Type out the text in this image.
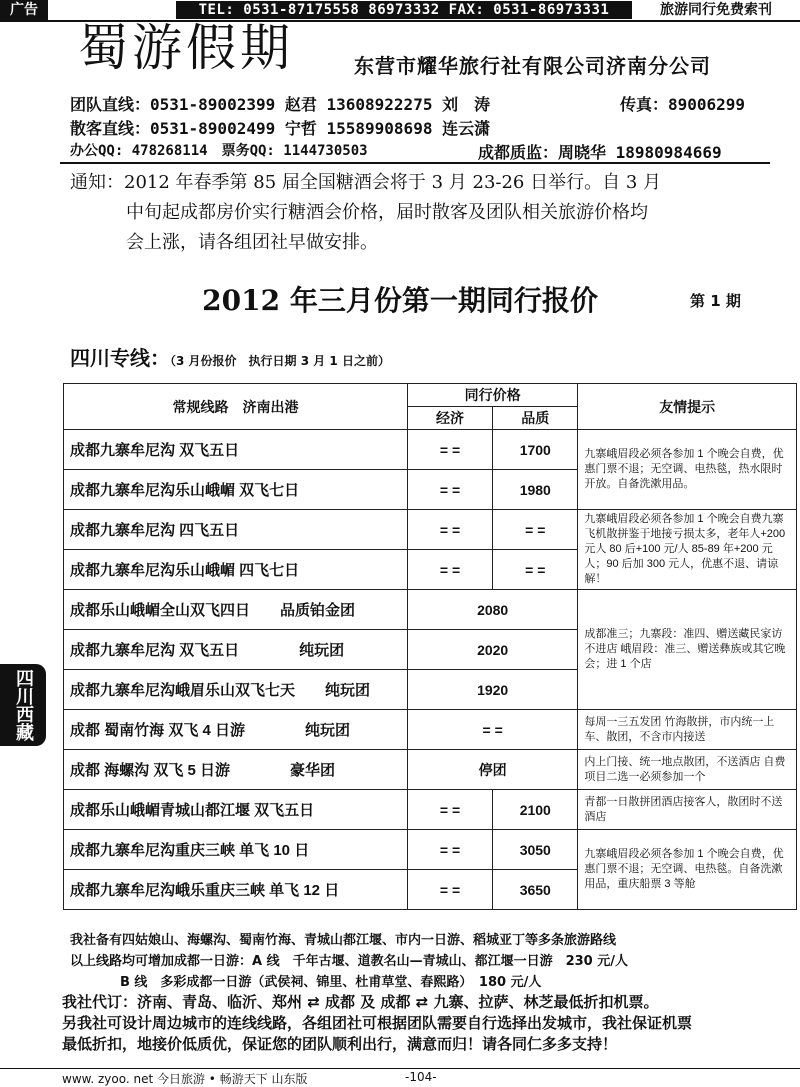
广告	TEL: 0531-87175558 86973332 FAX: 0531-86973331	旅游同行免费索刊
蜀游假期	东营市耀华旅行社有限公司济南分公司
团队直线：0531-89002399 赵君 13608922275 刘　涛	传真：89006299
散客直线：0531-89002499 宁哲 15589908698 连云潇
办公QQ: 478268114　票务QQ: 1144730503	成都质监：周晓华 18980984669
通知：2012 年春季第 85 届全国糖酒会将于 3 月 23-26 日举行。自 3 月
中旬起成都房价实行糖酒会价格，届时散客及团队相关旅游价格均
会上涨，请各组团社早做安排。
2012 年三月份第一期同行报价	第 1 期
四川专线：（3 月份报价　执行日期 3 月 1 日之前）
四川西藏
常规线路　济南出港	同行价格		友情提示
	经济	品质	
成都九寨牟尼沟 双飞五日	= =	1700	九寨峨眉段必须各参加 1 个晚会自费，优惠门票不退；无空调、电热毯，热水限时开放。自备洗漱用品。
成都九寨牟尼沟乐山峨嵋 双飞七日	= =	1980	
成都九寨牟尼沟 四飞五日	= =	= =	九寨峨眉段必须各参加 1 个晚会自费九寨飞机散拼鉴于地接亏损太多，老年人+200 元人 80 后+100 元/人 85-89 年+200 元人；90 后加 300 元人，优惠不退、请谅解！
成都九寨牟尼沟乐山峨嵋 四飞七日	= =	= =	
成都乐山峨嵋全山双飞四日　　品质铂金团	2080		成都准三；九寨段：准四、赠送藏民家访　不进店 峨眉段：准三、赠送彝族或其它晚会；进 1 个店
成都九寨牟尼沟 双飞五日　　　　纯玩团	2020		
成都九寨牟尼沟峨眉乐山双飞七天　　纯玩团	1920		
成都 蜀南竹海 双飞 4 日游　　　　纯玩团	= =		每周一三五发团 竹海散拼，市内统一上车、散团，不含市内接送
成都 海螺沟 双飞 5 日游　　　　豪华团	停团		内上门接、统一地点散团，不送酒店 自费项目二选一必须参加一个
成都乐山峨嵋青城山都江堰 双飞五日	= =	2100	青都一日散拼团酒店接客人，散团时不送酒店
成都九寨牟尼沟重庆三峡 单飞 10 日	= =	3050	九寨峨眉段必须各参加 1 个晚会自费，优惠门票不退；无空调、电热毯。自备洗漱用品，重庆船票 3 等舱
成都九寨牟尼沟峨乐重庆三峡 单飞 12 日	= =	3650	
我社备有四姑娘山、海螺沟、蜀南竹海、青城山都江堰、市内一日游、稻城亚丁等多条旅游路线
以上线路均可增加成都一日游：A 线　千年古堰、道教名山—青城山、都江堰一日游　230 元/人
B 线　多彩成都一日游（武侯祠、锦里、杜甫草堂、春熙路）　180 元/人
我社代订：济南、青岛、临沂、郑州 ⇄ 成都 及 成都 ⇄ 九寨、拉萨、林芝最低折扣机票。
另我社可设计周边城市的连线线路，各组团社可根据团队需要自行选择出发城市，我社保证机票
最低折扣，地接价低质优，保证您的团队顺利出行，满意而归！请各同仁多多支持！
www. zyoo. net 今日旅游 • 畅游天下 山东版	-104-
